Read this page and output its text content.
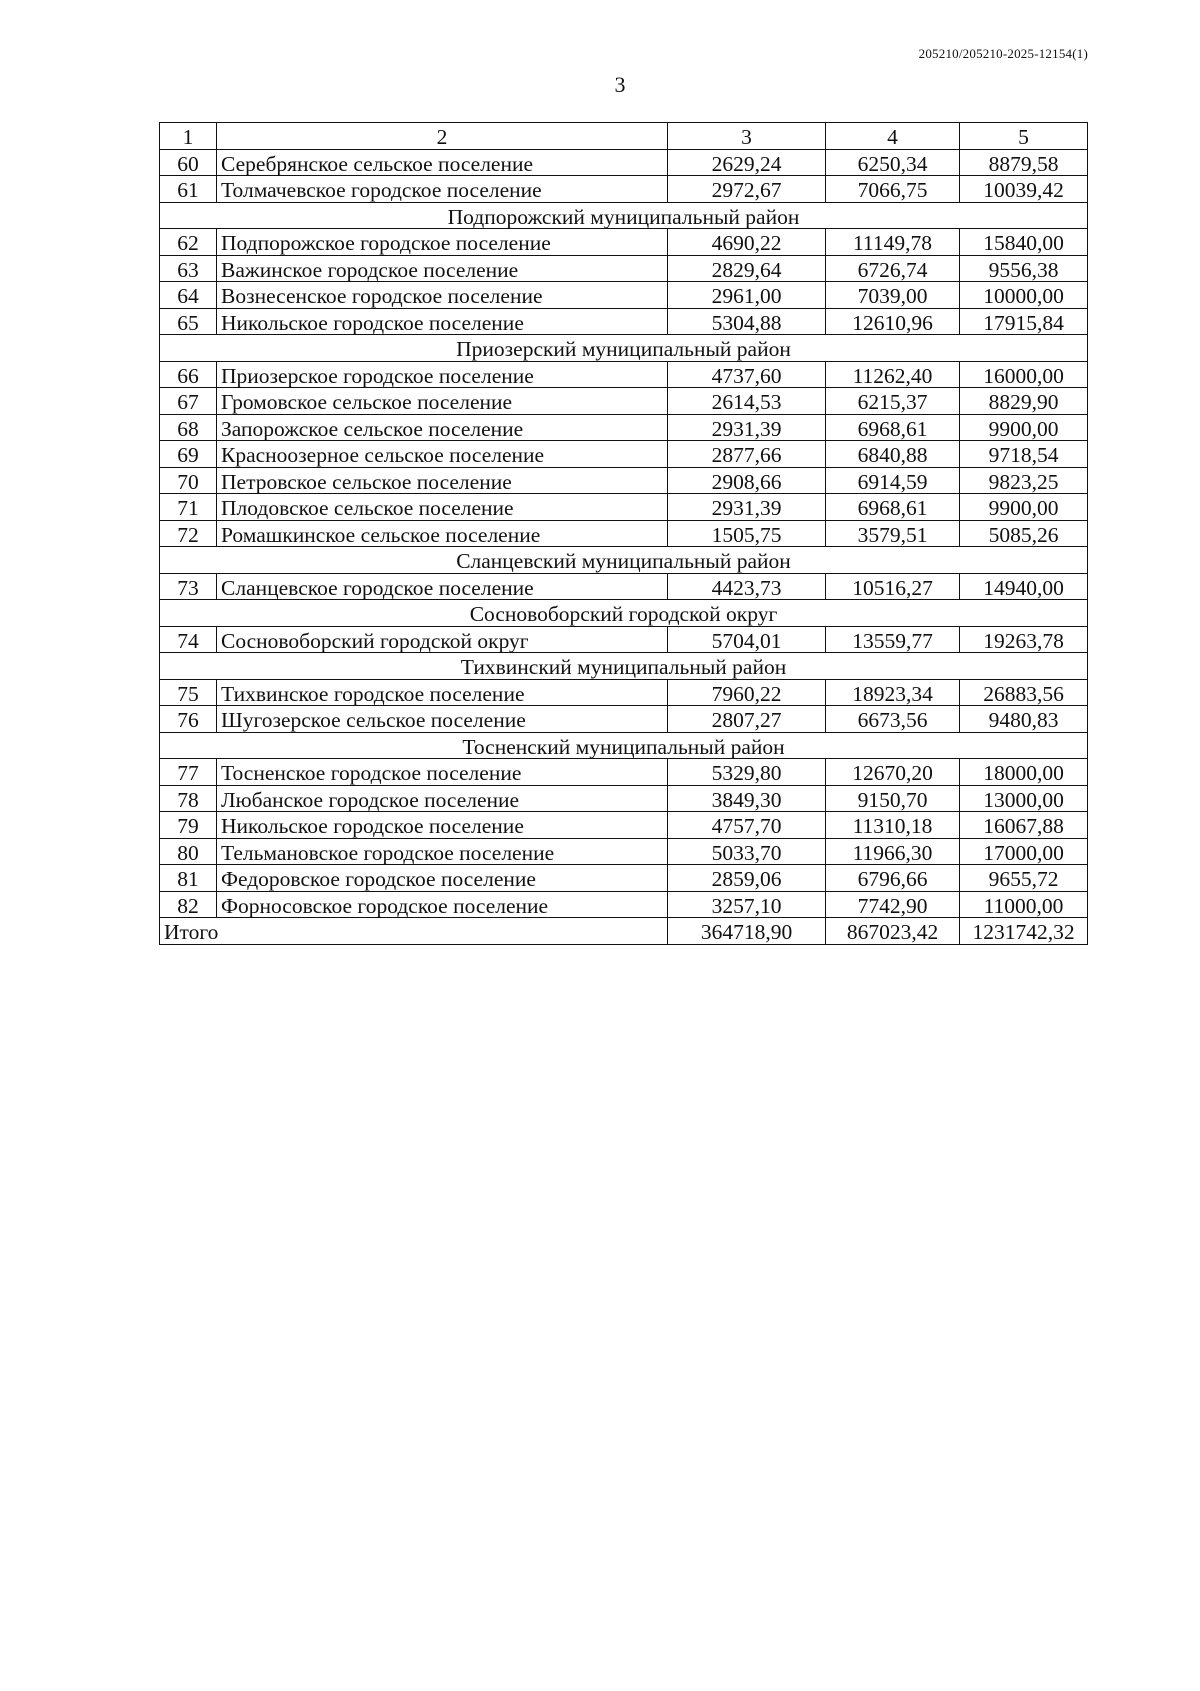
205210/205210-2025-12154(1)
3
1	2	3	4	5
60	Серебрянское сельское поселение	2629,24	6250,34	8879,58
61	Толмачевское городское поселение	2972,67	7066,75	10039,42
Подпорожский муниципальный район				
62	Подпорожское городское поселение	4690,22	11149,78	15840,00
63	Важинское городское поселение	2829,64	6726,74	9556,38
64	Вознесенское городское поселение	2961,00	7039,00	10000,00
65	Никольское городское поселение	5304,88	12610,96	17915,84
Приозерский муниципальный район				
66	Приозерское городское поселение	4737,60	11262,40	16000,00
67	Громовское сельское поселение	2614,53	6215,37	8829,90
68	Запорожское сельское поселение	2931,39	6968,61	9900,00
69	Красноозерное сельское поселение	2877,66	6840,88	9718,54
70	Петровское сельское поселение	2908,66	6914,59	9823,25
71	Плодовское сельское поселение	2931,39	6968,61	9900,00
72	Ромашкинское сельское поселение	1505,75	3579,51	5085,26
Сланцевский муниципальный район				
73	Сланцевское городское поселение	4423,73	10516,27	14940,00
Сосновоборский городской округ				
74	Сосновоборский городской округ	5704,01	13559,77	19263,78
Тихвинский муниципальный район				
75	Тихвинское городское поселение	7960,22	18923,34	26883,56
76	Шугозерское сельское поселение	2807,27	6673,56	9480,83
Тосненский муниципальный район				
77	Тосненское городское поселение	5329,80	12670,20	18000,00
78	Любанское городское поселение	3849,30	9150,70	13000,00
79	Никольское городское поселение	4757,70	11310,18	16067,88
80	Тельмановское городское поселение	5033,70	11966,30	17000,00
81	Федоровское городское поселение	2859,06	6796,66	9655,72
82	Форносовское городское поселение	3257,10	7742,90	11000,00
Итого		364718,90	867023,42	1231742,32
